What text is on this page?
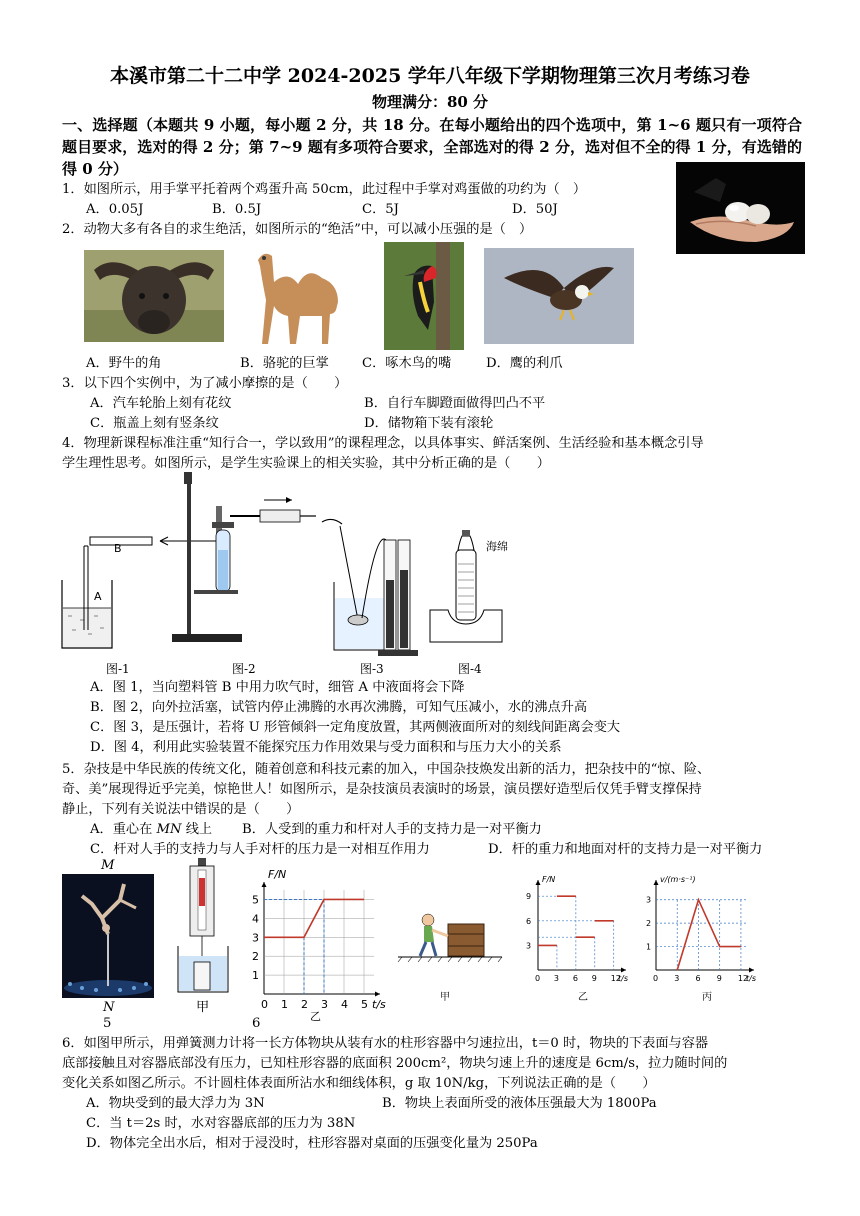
本溪市第二十二中学 2024-2025 学年八年级下学期物理第三次月考练习卷
物理满分：80 分
一、选择题（本题共 9 小题，每小题 2 分，共 18 分。在每小题给出的四个选项中，第 1~6 题只有一项符合题目要求，选对的得 2 分；第 7~9 题有多项符合要求，全部选对的得 2 分，选对但不全的得 1 分，有选错的得 0 分）
1．如图所示，用手掌平托着两个鸡蛋升高 50cm，此过程中手掌对鸡蛋做的功约为（　）
A．0.05J	B．0.5J	C．5J	D．50J
2．动物大多有各自的求生绝活，如图所示的“绝活”中，可以减小压强的是（　）
A．野牛的角	B．骆驼的巨掌	C．啄木鸟的嘴	D．鹰的利爪
3．以下四个实例中，为了减小摩擦的是（　　）
A．汽车轮胎上刻有花纹	B．自行车脚蹬面做得凹凸不平
C．瓶盖上刻有竖条纹	D．储物箱下装有滚轮
4．物理新课程标准注重“知行合一，学以致用”的课程理念，以具体事实、鲜活案例、生活经验和基本概念引导
学生理性思考。如图所示，是学生实验课上的相关实验，其中分析正确的是（　　）
B
A
海绵
图-1	图-2	图-3	图-4
A．图 1，当向塑料管 B 中用力吹气时，细管 A 中液面将会下降
B．图 2，向外拉活塞，试管内停止沸腾的水再次沸腾，可知气压减小，水的沸点升高
C．图 3，是压强计，若将 U 形管倾斜一定角度放置，其两侧液面所对的刻线间距离会变大
D．图 4，利用此实验装置不能探究压力作用效果与受力面积和与压力大小的关系
5．杂技是中华民族的传统文化，随着创意和科技元素的加入，中国杂技焕发出新的活力，把杂技中的“惊、险、
奇、美”展现得近乎完美，惊艳世人！如图所示，是杂技演员表演时的场景，演员摆好造型后仅凭手臂支撑保持
静止，下列有关说法中错误的是（　　）
A．重心在 MN 线上 B．人受到的重力和杆对人手的支持力是一对平衡力
C．杆对人手的支持力与人手对杆的压力是一对相互作用力	D．杆的重力和地面对杆的支持力是一对平衡力
M
N
5
甲
6
1
2
3
4
5
0 1 2 3 4 5
F/N
t/s
乙
甲
3
6
9
0 3 6 9 12
F/N
t/s
1
2
3
0 3 6 9 12
v/(m·s⁻¹)
t/s
乙	丙
6．如图甲所示，用弹簧测力计将一长方体物块从装有水的柱形容器中匀速拉出，t＝0 时，物块的下表面与容器
底部接触且对容器底部没有压力，已知柱形容器的底面积 200cm²，物块匀速上升的速度是 6cm/s，拉力随时间的
变化关系如图乙所示。不计圆柱体表面所沾水和细线体积，g 取 10N/kg，下列说法正确的是（　　）
A．物块受到的最大浮力为 3N	B．物块上表面所受的液体压强最大为 1800Pa
C．当 t＝2s 时，水对容器底部的压力为 38N
D．物体完全出水后，相对于浸没时，柱形容器对桌面的压强变化量为 250Pa
